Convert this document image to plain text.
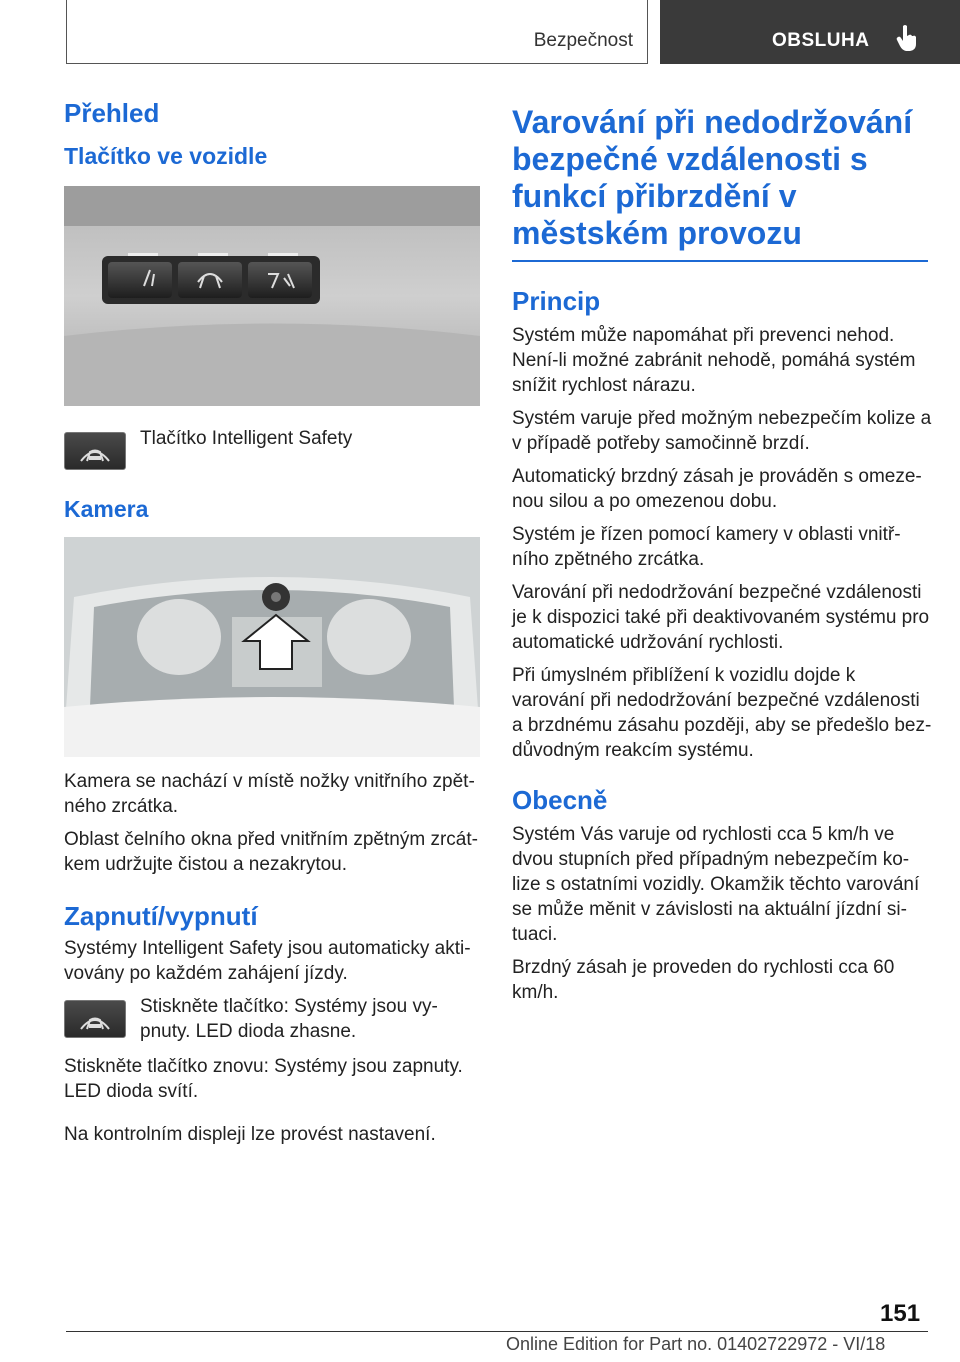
Bezpečnost	OBSLUHA
Přehled
Tlačítko ve vozidle
Tlačítko Intelligent Safety
Kamera

Kamera se nachází v místě nožky vnitřního zpět‐ ného zrcátka.

Oblast čelního okna před vnitřním zpětným zrcát‐ kem udržujte čistou a nezakrytou.

Zapnutí/vypnutí

Systémy Intelligent Safety jsou automaticky akti‐ vovány po každém zahájení jízdy.

Stiskněte tlačítko: Systémy jsou vy‐ pnuty. LED dioda zhasne.

Stiskněte tlačítko znovu: Systémy jsou zapnuty. LED dioda svítí.

Na kontrolním displeji lze provést nastavení.

Varování při nedodržování bezpečné vzdálenosti s funkcí přibrzdění v městském provozu
Princip

Systém může napomáhat při prevenci nehod. Není-li možné zabránit nehodě, pomáhá systém snížit rychlost nárazu.

Systém varuje před možným nebezpečím kolize a v případě potřeby samočinně brzdí.

Automatický brzdný zásah je prováděn s omeze‐ nou silou a po omezenou dobu.

Systém je řízen pomocí kamery v oblasti vnitř‐ ního zpětného zrcátka.

Varování při nedodržování bezpečné vzdálenosti je k dispozici také při deaktivovaném systému pro automatické udržování rychlosti.

Při úmyslném přiblížení k vozidlu dojde k varování při nedodržování bezpečné vzdálenosti a brzdnému zásahu později, aby se předešlo bez‐ důvodným reakcím systému.

Obecně

Systém Vás varuje od rychlosti cca 5 km/h ve dvou stupních před případným nebezpečím ko‐ lize s ostatními vozidly. Okamžik těchto varování se může měnit v závislosti na aktuální jízdní si‐ tuaci.

Brzdný zásah je proveden do rychlosti cca 60 km/h.

151
Online Edition for Part no. 01402722972 - VI/18
